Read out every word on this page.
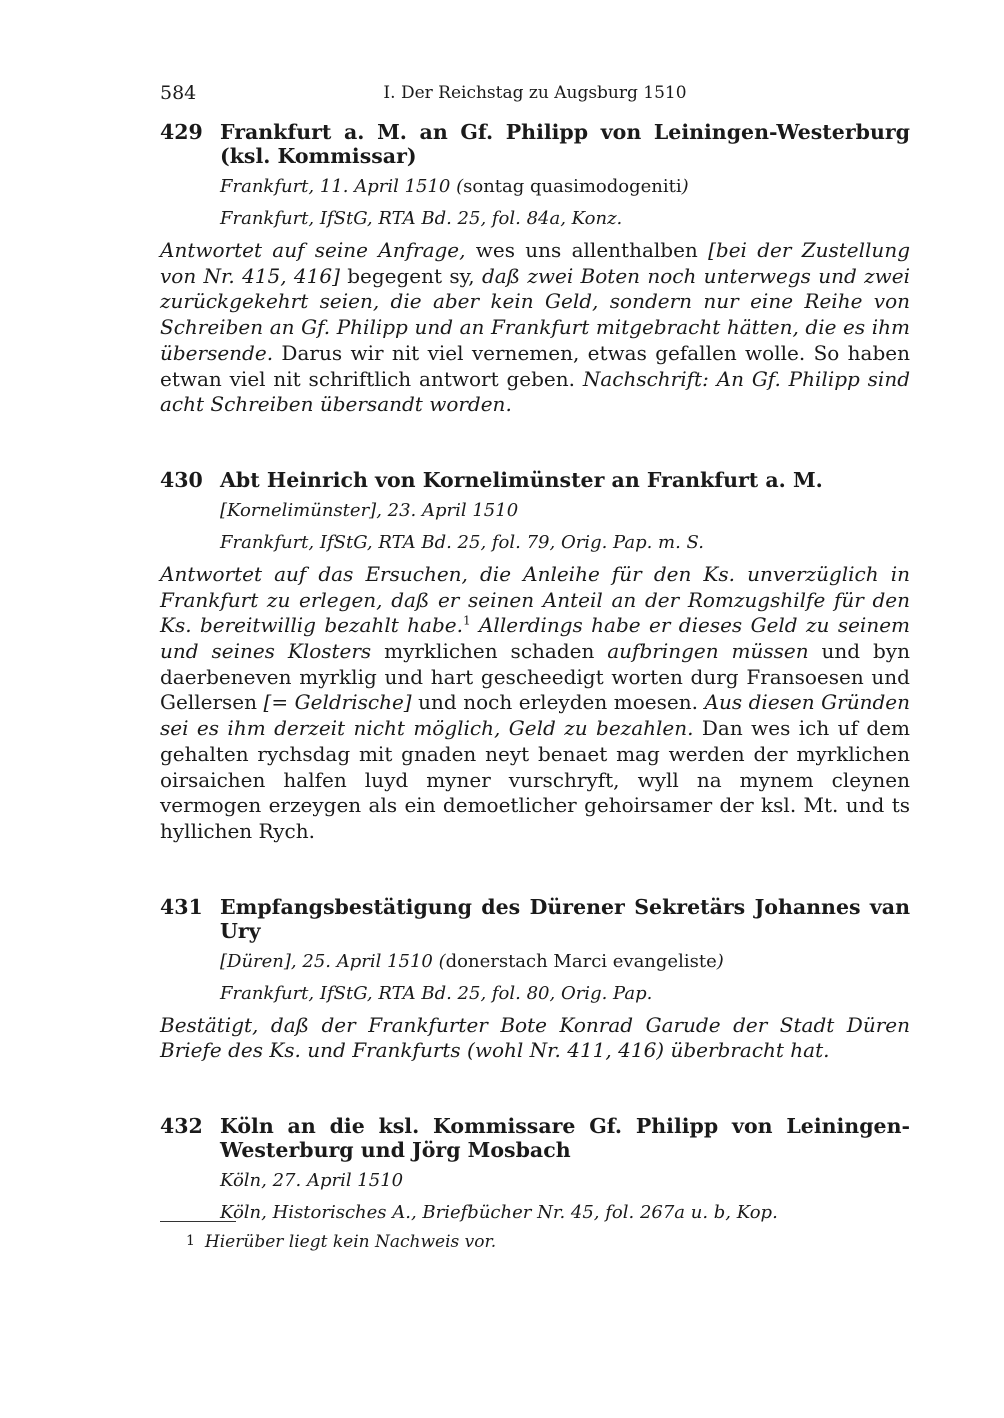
584	I. Der Reichstag zu Augsburg 1510
429 Frankfurt a. M. an Gf. Philipp von Leiningen-Westerburg (ksl. Kommissar)
Frankfurt, 11. April 1510 (sontag quasimodogeniti)
Frankfurt, IfStG, RTA Bd. 25, fol. 84a, Konz.
Antwortet auf seine Anfrage, wes uns allenthalben [bei der Zustellung von Nr. 415, 416] begegent sy, daß zwei Boten noch unterwegs und zwei zurückgekehrt seien, die aber kein Geld, sondern nur eine Reihe von Schreiben an Gf. Philipp und an Frankfurt mitgebracht hätten, die es ihm übersende. Darus wir nit viel vernemen, etwas gefallen wolle. So haben etwan viel nit schriftlich antwort geben. Nachschrift: An Gf. Philipp sind acht Schreiben übersandt worden.
430 Abt Heinrich von Kornelimünster an Frankfurt a. M.
[Kornelimünster], 23. April 1510
Frankfurt, IfStG, RTA Bd. 25, fol. 79, Orig. Pap. m. S.
Antwortet auf das Ersuchen, die Anleihe für den Ks. unverzüglich in Frankfurt zu erlegen, daß er seinen Anteil an der Romzugshilfe für den Ks. bereitwillig bezahlt habe.$^1$ Allerdings habe er dieses Geld zu seinem und seines Klosters myrklichen schaden aufbringen müssen und byn daerbeneven myrklig und hart gescheedigt worten durg Fransoesen und Gellersen [= Geldrische] und noch erleyden moesen. Aus diesen Gründen sei es ihm derzeit nicht möglich, Geld zu bezahlen. Dan wes ich uf dem gehalten rychsdag mit gnaden neyt benaet mag werden der myrklichen oirsaichen halfen luyd myner vurschryft, wyll na mynem cleynen vermogen erzeygen als ein demoetlicher gehoirsamer der ksl. Mt. und ts hyllichen Rych.
431 Empfangsbestätigung des Dürener Sekretärs Johannes van Ury
[Düren], 25. April 1510 (donerstach Marci evangeliste)
Frankfurt, IfStG, RTA Bd. 25, fol. 80, Orig. Pap.
Bestätigt, daß der Frankfurter Bote Konrad Garude der Stadt Düren Briefe des Ks. und Frankfurts (wohl Nr. 411, 416) überbracht hat.
432 Köln an die ksl. Kommissare Gf. Philipp von Leiningen-Westerburg und Jörg Mosbach
Köln, 27. April 1510
Köln, Historisches A., Briefbücher Nr. 45, fol. 267a u. b, Kop.
1 Hierüber liegt kein Nachweis vor.
